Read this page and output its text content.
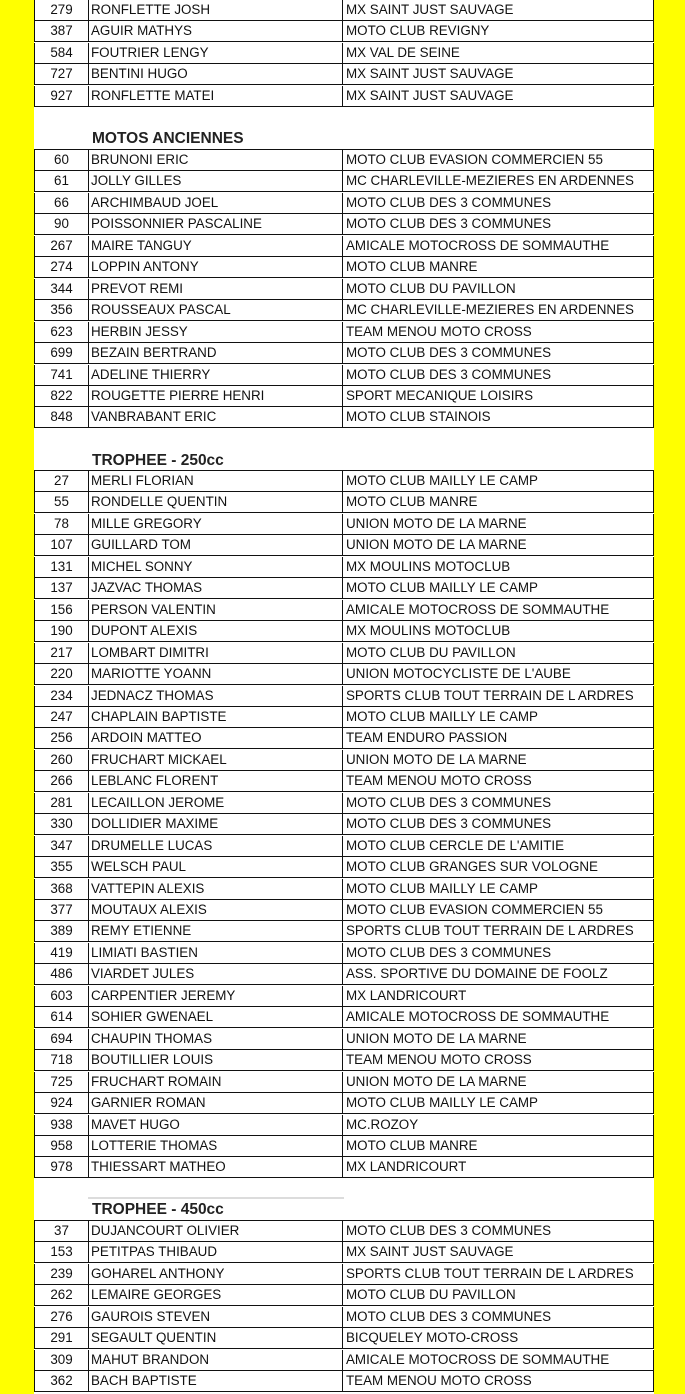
279	RONFLETTE JOSH	MX SAINT JUST SAUVAGE
387	AGUIR MATHYS	MOTO CLUB REVIGNY
584	FOUTRIER LENGY	MX VAL DE SEINE
727	BENTINI HUGO	MX SAINT JUST SAUVAGE
927	RONFLETTE MATEI	MX SAINT JUST SAUVAGE
MOTOS ANCIENNES
60	BRUNONI ERIC	MOTO CLUB EVASION COMMERCIEN 55
61	JOLLY GILLES	MC CHARLEVILLE-MEZIERES EN ARDENNES
66	ARCHIMBAUD JOEL	MOTO CLUB DES 3 COMMUNES
90	POISSONNIER PASCALINE	MOTO CLUB DES 3 COMMUNES
267	MAIRE TANGUY	AMICALE MOTOCROSS DE SOMMAUTHE
274	LOPPIN ANTONY	MOTO CLUB MANRE
344	PREVOT REMI	MOTO CLUB DU PAVILLON
356	ROUSSEAUX PASCAL	MC CHARLEVILLE-MEZIERES EN ARDENNES
623	HERBIN JESSY	TEAM MENOU MOTO CROSS
699	BEZAIN BERTRAND	MOTO CLUB DES 3 COMMUNES
741	ADELINE THIERRY	MOTO CLUB DES 3 COMMUNES
822	ROUGETTE PIERRE HENRI	SPORT MECANIQUE LOISIRS
848	VANBRABANT ERIC	MOTO CLUB STAINOIS
TROPHEE - 250cc
27	MERLI FLORIAN	MOTO CLUB MAILLY LE CAMP
55	RONDELLE QUENTIN	MOTO CLUB MANRE
78	MILLE GREGORY	UNION MOTO DE LA MARNE
107	GUILLARD TOM	UNION MOTO DE LA MARNE
131	MICHEL SONNY	MX MOULINS MOTOCLUB
137	JAZVAC THOMAS	MOTO CLUB MAILLY LE CAMP
156	PERSON VALENTIN	AMICALE MOTOCROSS DE SOMMAUTHE
190	DUPONT ALEXIS	MX MOULINS MOTOCLUB
217	LOMBART DIMITRI	MOTO CLUB DU PAVILLON
220	MARIOTTE YOANN	UNION MOTOCYCLISTE DE L'AUBE
234	JEDNACZ THOMAS	SPORTS CLUB TOUT TERRAIN DE L ARDRES
247	CHAPLAIN BAPTISTE	MOTO CLUB MAILLY LE CAMP
256	ARDOIN MATTEO	TEAM ENDURO PASSION
260	FRUCHART MICKAEL	UNION MOTO DE LA MARNE
266	LEBLANC FLORENT	TEAM MENOU MOTO CROSS
281	LECAILLON JEROME	MOTO CLUB DES 3 COMMUNES
330	DOLLIDIER MAXIME	MOTO CLUB DES 3 COMMUNES
347	DRUMELLE LUCAS	MOTO CLUB CERCLE DE L'AMITIE
355	WELSCH PAUL	MOTO CLUB GRANGES SUR VOLOGNE
368	VATTEPIN ALEXIS	MOTO CLUB MAILLY LE CAMP
377	MOUTAUX ALEXIS	MOTO CLUB EVASION COMMERCIEN 55
389	REMY ETIENNE	SPORTS CLUB TOUT TERRAIN DE L ARDRES
419	LIMIATI BASTIEN	MOTO CLUB DES 3 COMMUNES
486	VIARDET JULES	ASS. SPORTIVE DU DOMAINE DE FOOLZ
603	CARPENTIER JEREMY	MX LANDRICOURT
614	SOHIER GWENAEL	AMICALE MOTOCROSS DE SOMMAUTHE
694	CHAUPIN THOMAS	UNION MOTO DE LA MARNE
718	BOUTILLIER LOUIS	TEAM MENOU MOTO CROSS
725	FRUCHART ROMAIN	UNION MOTO DE LA MARNE
924	GARNIER ROMAN	MOTO CLUB MAILLY LE CAMP
938	MAVET HUGO	MC.ROZOY
958	LOTTERIE THOMAS	MOTO CLUB MANRE
978	THIESSART MATHEO	MX LANDRICOURT
TROPHEE - 450cc
37	DUJANCOURT OLIVIER	MOTO CLUB DES 3 COMMUNES
153	PETITPAS THIBAUD	MX SAINT JUST SAUVAGE
239	GOHAREL ANTHONY	SPORTS CLUB TOUT TERRAIN DE L ARDRES
262	LEMAIRE GEORGES	MOTO CLUB DU PAVILLON
276	GAUROIS STEVEN	MOTO CLUB DES 3 COMMUNES
291	SEGAULT QUENTIN	BICQUELEY MOTO-CROSS
309	MAHUT BRANDON	AMICALE MOTOCROSS DE SOMMAUTHE
362	BACH BAPTISTE	TEAM MENOU MOTO CROSS
